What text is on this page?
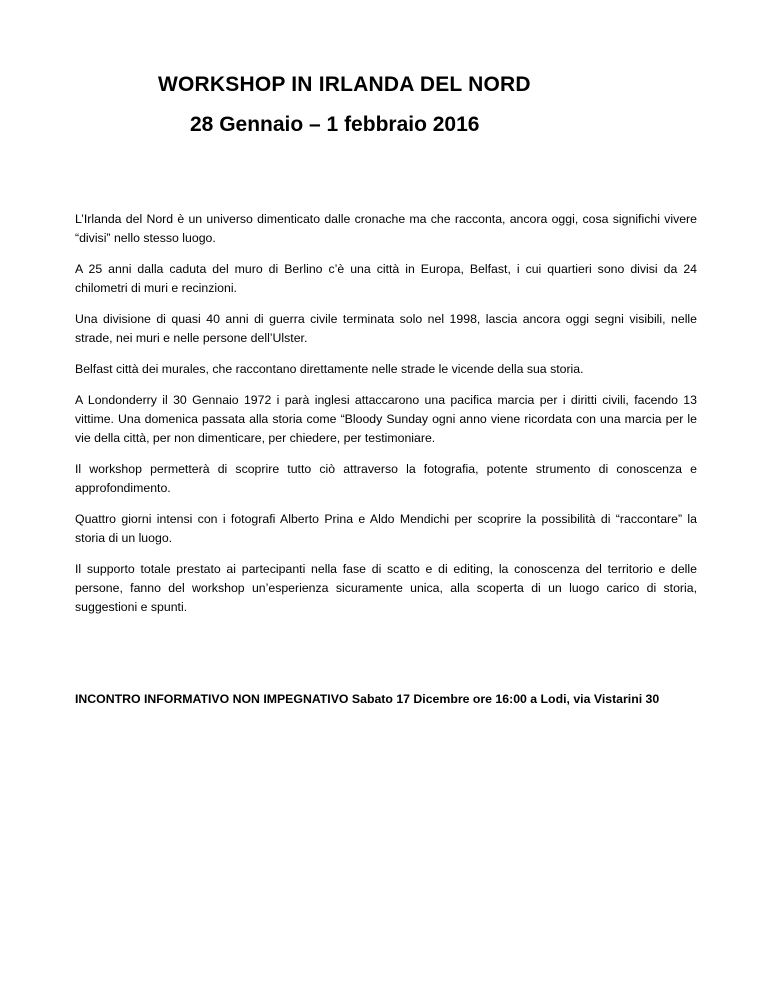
WORKSHOP IN IRLANDA DEL NORD
28 Gennaio – 1 febbraio 2016

L’Irlanda del Nord è un universo dimenticato dalle cronache ma che racconta, ancora oggi, cosa significhi vivere “divisi” nello stesso luogo.

A 25 anni dalla caduta del muro di Berlino c’è una città in Europa, Belfast, i cui quartieri sono divisi da 24 chilometri di muri e recinzioni.

Una divisione di quasi 40 anni di guerra civile terminata solo nel 1998, lascia ancora oggi segni visibili, nelle strade, nei muri e nelle persone dell’Ulster.

Belfast città dei murales, che raccontano direttamente nelle strade le vicende della sua storia.

A Londonderry il 30 Gennaio 1972 i parà inglesi attaccarono una pacifica marcia per i diritti civili, facendo 13 vittime. Una domenica passata alla storia come “Bloody Sunday ogni anno viene ricordata con una marcia per le vie della città, per non dimenticare, per chiedere, per testimoniare.

Il workshop permetterà di scoprire tutto ciò attraverso la fotografia, potente strumento di conoscenza e approfondimento.

Quattro giorni intensi con i fotografi Alberto Prina e Aldo Mendichi per scoprire la possibilità di “raccontare” la storia di un luogo.

Il supporto totale prestato ai partecipanti nella fase di scatto e di editing, la conoscenza del territorio e delle persone, fanno del workshop un’esperienza sicuramente unica, alla scoperta di un luogo carico di storia, suggestioni e spunti.

INCONTRO INFORMATIVO NON IMPEGNATIVO Sabato 17 Dicembre ore 16:00 a Lodi, via Vistarini 30
